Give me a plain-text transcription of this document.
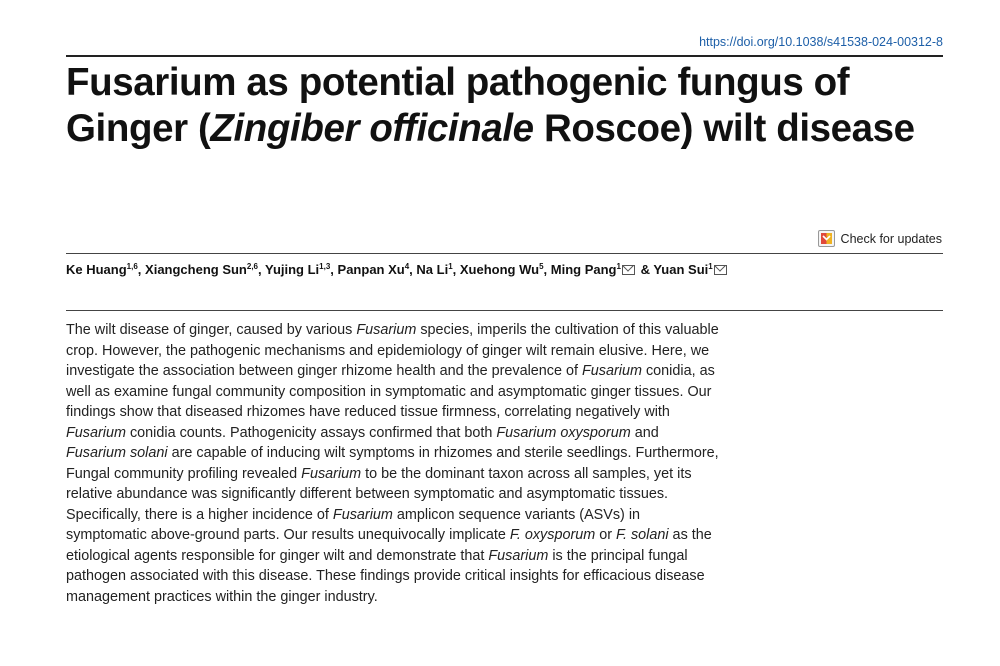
https://doi.org/10.1038/s41538-024-00312-8
Fusarium as potential pathogenic fungus of Ginger (Zingiber officinale Roscoe) wilt disease
Check for updates
Ke Huang$^{1,6}$, Xiangcheng Sun$^{2,6}$, Yujing Li$^{1,3}$, Panpan Xu$^4$, Na Li$^1$, Xuehong Wu$^5$, Ming Pang$^1$ & Yuan Sui$^1$
The wilt disease of ginger, caused by various Fusarium species, imperils the cultivation of this valuable
crop. However, the pathogenic mechanisms and epidemiology of ginger wilt remain elusive. Here, we
investigate the association between ginger rhizome health and the prevalence of Fusarium conidia, as
well as examine fungal community composition in symptomatic and asymptomatic ginger tissues. Our
findings show that diseased rhizomes have reduced tissue firmness, correlating negatively with
Fusarium conidia counts. Pathogenicity assays confirmed that both Fusarium oxysporum and
Fusarium solani are capable of inducing wilt symptoms in rhizomes and sterile seedlings. Furthermore,
Fungal community profiling revealed Fusarium to be the dominant taxon across all samples, yet its
relative abundance was significantly different between symptomatic and asymptomatic tissues.
Specifically, there is a higher incidence of Fusarium amplicon sequence variants (ASVs) in
symptomatic above-ground parts. Our results unequivocally implicate F. oxysporum or F. solani as the
etiological agents responsible for ginger wilt and demonstrate that Fusarium is the principal fungal
pathogen associated with this disease. These findings provide critical insights for efficacious disease
management practices within the ginger industry.
